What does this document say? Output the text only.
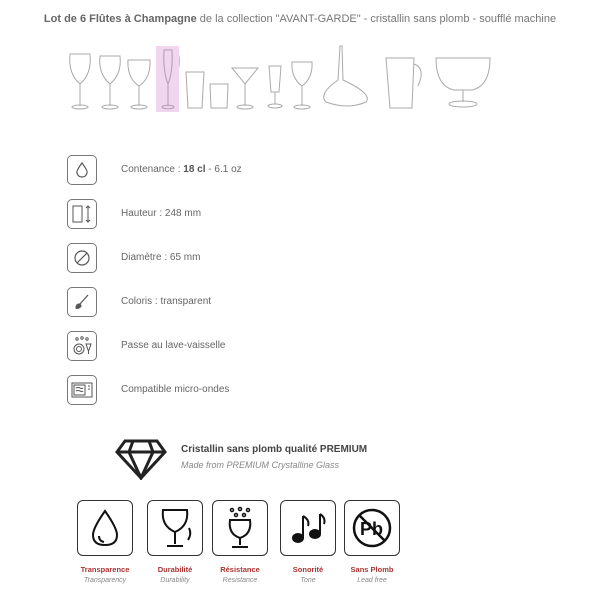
Lot de 6 Flûtes à Champagne de la collection "AVANT-GARDE" - cristallin sans plomb - soufflé machine
Contenance : 18 cl - 6.1 oz
Hauteur : 248 mm
Diamètre : 65 mm
Coloris : transparent
Passe au lave-vaisselle
Compatible micro-ondes
Cristallin sans plomb qualité PREMIUM
Made from PREMIUM Crystalline Glass
Transparence
Transparency
Durabilité
Durability
Résistance
Resistance
Sonorité
Tone
Pb
Sans Plomb
Lead free
